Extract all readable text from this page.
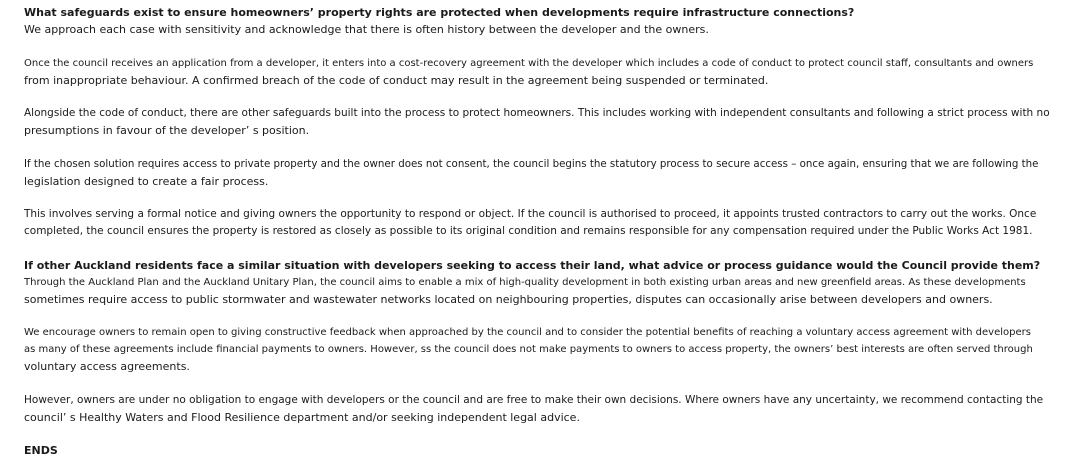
What safeguards exist to ensure homeowners’ property rights are protected when developments require infrastructure connections?

We approach each case with sensitivity and acknowledge that there is often history between the developer and the owners.

Once the council receives an application from a developer, it enters into a cost-recovery agreement with the developer which includes a code of conduct to protect council staff, consultants and owners

from inappropriate behaviour. A confirmed breach of the code of conduct may result in the agreement being suspended or terminated.

Alongside the code of conduct, there are other safeguards built into the process to protect homeowners. This includes working with independent consultants and following a strict process with no

presumptions in favour of the developer’ s position.

If the chosen solution requires access to private property and the owner does not consent, the council begins the statutory process to secure access – once again, ensuring that we are following the

legislation designed to create a fair process.

This involves serving a formal notice and giving owners the opportunity to respond or object. If the council is authorised to proceed, it appoints trusted contractors to carry out the works. Once

completed, the council ensures the property is restored as closely as possible to its original condition and remains responsible for any compensation required under the Public Works Act 1981.

If other Auckland residents face a similar situation with developers seeking to access their land, what advice or process guidance would the Council provide them?

Through the Auckland Plan and the Auckland Unitary Plan, the council aims to enable a mix of high-quality development in both existing urban areas and new greenfield areas. As these developments

sometimes require access to public stormwater and wastewater networks located on neighbouring properties, disputes can occasionally arise between developers and owners.

We encourage owners to remain open to giving constructive feedback when approached by the council and to consider the potential benefits of reaching a voluntary access agreement with developers

as many of these agreements include financial payments to owners. However, ss the council does not make payments to owners to access property, the owners’ best interests are often served through

voluntary access agreements.

However, owners are under no obligation to engage with developers or the council and are free to make their own decisions. Where owners have any uncertainty, we recommend contacting the

council’ s Healthy Waters and Flood Resilience department and/or seeking independent legal advice.

ENDS
